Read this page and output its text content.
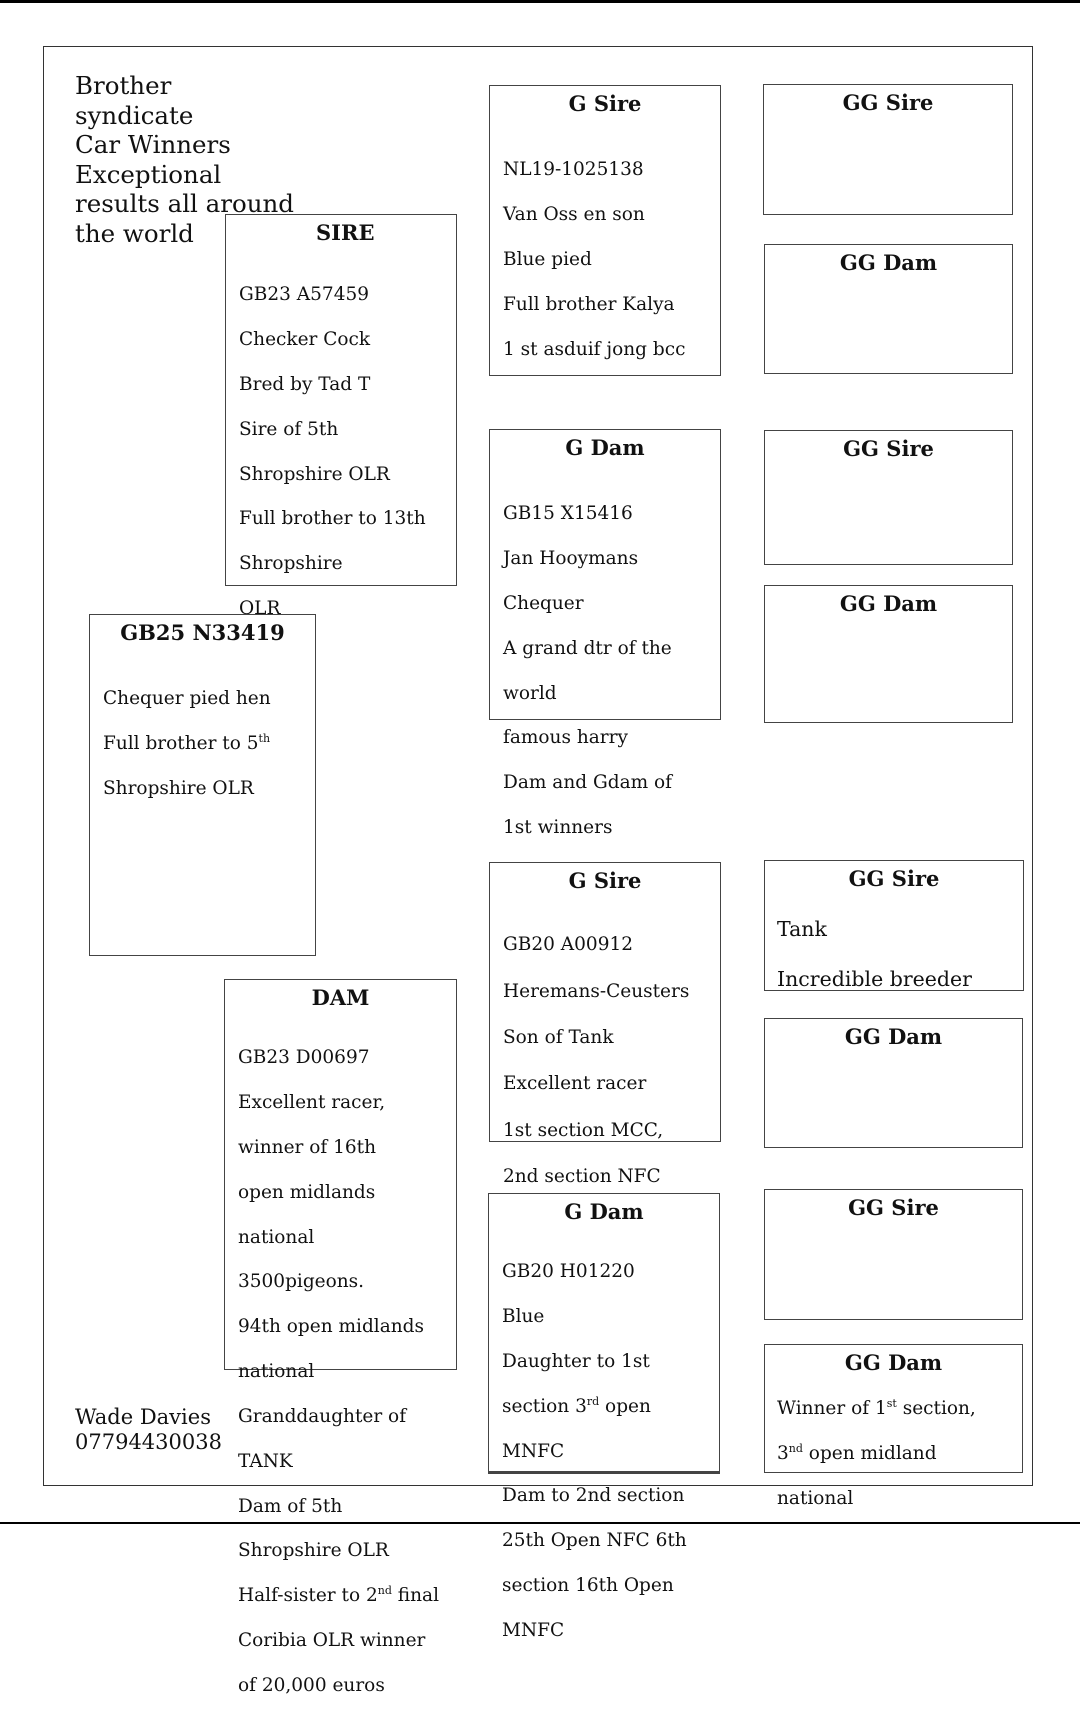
Brother
syndicate
Car Winners
Exceptional
results all around
the world	SIRE

GB23 A57459

Checker Cock

Bred by Tad T

Sire of 5th

Shropshire OLR

Full brother to 13th

Shropshire

OLR

GB25 N33419

Chequer pied hen

Full brother to 5th

Shropshire OLR

DAM

GB23 D00697

Excellent racer,

winner of 16th

open midlands

national

3500pigeons.

94th open midlands

national

Granddaughter of

TANK

Dam of 5th

Shropshire OLR

Half-sister to 2nd final

Coribia OLR winner

of 20,000 euros

G Sire

NL19-1025138

Van Oss en son

Blue pied

Full brother Kalya

1 st asduif jong bcc

G Dam

GB15 X15416

Jan Hooymans

Chequer

A grand dtr of the

world

famous harry

Dam and Gdam of

1st winners

G Sire

GB20 A00912

Heremans-Ceusters

Son of Tank

Excellent racer

1st section MCC,

2nd section NFC

G Dam

GB20 H01220

Blue

Daughter to 1st

section 3rd open

MNFC

Dam to 2nd section

25th Open NFC 6th

section 16th Open

MNFC

GG Sire
GG Dam
GG Sire
GG Dam
GG Sire

Tank

Incredible breeder

GG Dam
GG Sire
GG Dam

Winner of 1st section,

3nd open midland

national

Wade Davies
07794430038
